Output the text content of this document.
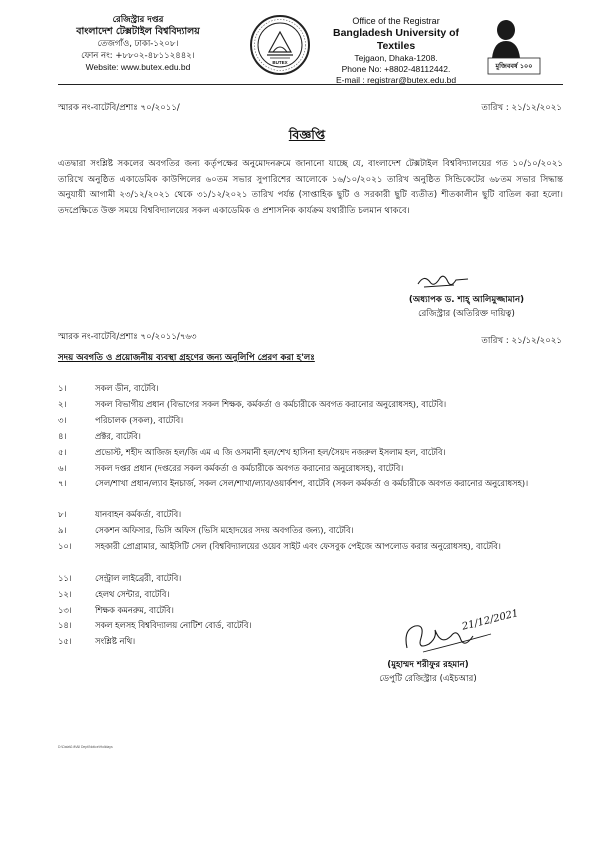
রেজিস্ট্রার দপ্তর
বাংলাদেশ টেক্সটাইল বিশ্ববিদ্যালয়
তেজগাঁও, ঢাকা-১২০৮।
ফোন নং: +৮৮০২-৪৮১১২৪৪২।
Website: www.butex.edu.bd	BUTEX
Office of the Registrar
Bangladesh University of Textiles
Tejgaon, Dhaka-1208.
Phone No: +8802-48112442.
E-mail : registrar@butex.edu.bd
মুজিববর্ষ ১০০
স্মারক নং-বাটেবি/প্রশাঃ ৭০/২০১১/	তারিখ : ২১/১২/২০২১
বিজ্ঞপ্তি
এতদ্বারা সংশ্লিষ্ট সকলের অবগতির জন্য কর্তৃপক্ষের অনুমোদনক্রমে জানানো যাচ্ছে যে, বাংলাদেশ টেক্সটাইল বিশ্ববিদ্যালয়ের গত ১০/১০/২০২১ তারিখে অনুষ্ঠিত একাডেমিক কাউন্সিলের ৬০তম সভার সুপারিশের আলোকে ১৬/১০/২০২১ তারিখ অনুষ্ঠিত সিন্ডিকেটের ৬৮তম সভার সিদ্ধান্ত অনুযায়ী আগামী ২৩/১২/২০২১ থেকে ৩১/১২/২০২১ তারিখ পর্যন্ত (সাপ্তাহিক ছুটি ও সরকারী ছুটি ব্যতীত) শীতকালীন ছুটি বাতিল করা হলো। তদপ্রেক্ষিতে উক্ত সময়ে বিশ্ববিদ্যালয়ের সকল একাডেমিক ও প্রশাসনিক কার্যক্রম যথারীতি চলমান থাকবে।
(অধ্যাপক ড. শাহ্ আলিমুজ্জামান)
রেজিস্ট্রার (অতিরিক্ত দায়িত্ব)
স্মারক নং-বাটেবি/প্রশাঃ ৭০/২০১১/৭৬৩	তারিখ : ২১/১২/২০২১
সদয় অবগতি ও প্রয়োজনীয় ব্যবস্থা গ্রহণের জন্য অনুলিপি প্রেরণ করা হ'লঃ
১।	সকল ডীন, বাটেবি।
২।	সকল বিভাগীয় প্রধান (বিভাগের সকল শিক্ষক, কর্মকর্তা ও কর্মচারীকে অবগত করানোর অনুরোধসহ), বাটেবি।
৩।	পরিচালক (সকল), বাটেবি।
৪।	প্রক্টর, বাটেবি।
৫।	প্রভোস্ট, শহীদ আজিজ হল/জি এম এ জি ওসমানী হল/শেখ হাসিনা হল/সৈয়দ নজরুল ইসলাম হল, বাটেবি।
৬।	সকল দপ্তর প্রধান (দপ্তরের সকল কর্মকর্তা ও কর্মচারীকে অবগত করানোর অনুরোধসহ), বাটেবি।
৭।	সেল/শাখা প্রধান/ল্যাব ইনচার্জ, সকল সেল/শাখা/ল্যাব/ওয়ার্কশপ, বাটেবি (সকল কর্মকর্তা ও কর্মচারীকে অবগত করানোর অনুরোধসহ)।
৮।	যানবাহন কর্মকর্তা, বাটেবি।
৯।	সেকশন অফিসার, ভিসি অফিস (ভিসি মহোদয়ের সদয় অবগতির জন্য), বাটেবি।
১০।	সহকারী প্রোগ্রামার, আইসিটি সেল (বিশ্ববিদ্যালয়ের ওয়েব সাইট এবং ফেসবুক পেইজে আপলোড করার অনুরোধসহ), বাটেবি।
১১।	সেন্ট্রাল লাইব্রেরী, বাটেবি।
১২।	হেলথ সেন্টার, বাটেবি।
১৩।	শিক্ষক কমনরুম, বাটেবি।
১৪।	সকল হলসহ বিশ্ববিদ্যালয় নোটিশ বোর্ড, বাটেবি।
১৫।	সংশ্লিষ্ট নথি।
21/12/2021
(মুহাম্মদ শরীফুর রহমান)
ডেপুটি রেজিস্ট্রার (এইচআর)
D:\Data\0-ft\All Dept\Notice\Holidays
